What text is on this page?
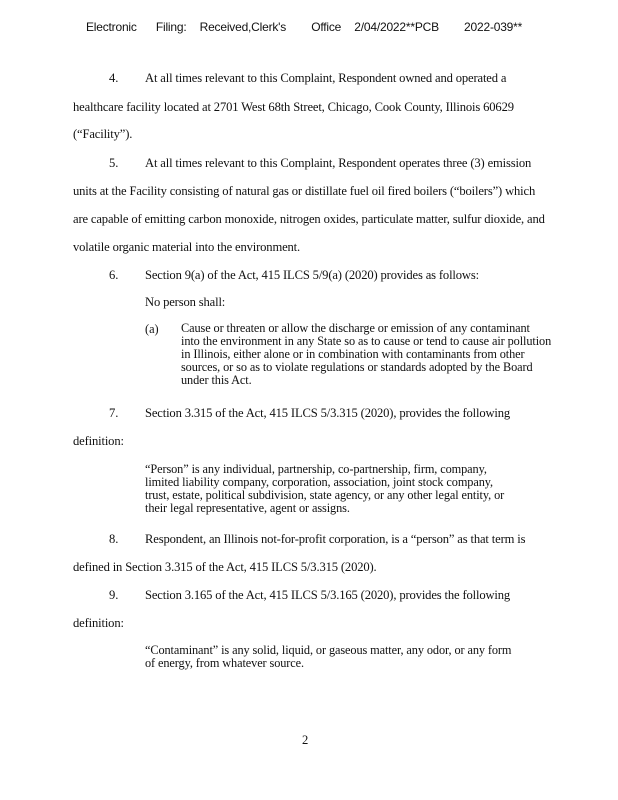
Electronic Filing: Received,Clerk's Office 2/04/2022**PCB 2022-039**
4. At all times relevant to this Complaint, Respondent owned and operated a
healthcare facility located at 2701 West 68th Street, Chicago, Cook County, Illinois 60629
(“Facility”).
5. At all times relevant to this Complaint, Respondent operates three (3) emission
units at the Facility consisting of natural gas or distillate fuel oil fired boilers (“boilers”) which
are capable of emitting carbon monoxide, nitrogen oxides, particulate matter, sulfur dioxide, and
volatile organic material into the environment.
6. Section 9(a) of the Act, 415 ILCS 5/9(a) (2020) provides as follows:
No person shall:
(a) Cause or threaten or allow the discharge or emission of any contaminant
into the environment in any State so as to cause or tend to cause air pollution
in Illinois, either alone or in combination with contaminants from other
sources, or so as to violate regulations or standards adopted by the Board
under this Act.
7. Section 3.315 of the Act, 415 ILCS 5/3.315 (2020), provides the following
definition:
“Person” is any individual, partnership, co-partnership, firm, company,
limited liability company, corporation, association, joint stock company,
trust, estate, political subdivision, state agency, or any other legal entity, or
their legal representative, agent or assigns.
8. Respondent, an Illinois not-for-profit corporation, is a “person” as that term is
defined in Section 3.315 of the Act, 415 ILCS 5/3.315 (2020).
9. Section 3.165 of the Act, 415 ILCS 5/3.165 (2020), provides the following
definition:
“Contaminant” is any solid, liquid, or gaseous matter, any odor, or any form
of energy, from whatever source.
2
